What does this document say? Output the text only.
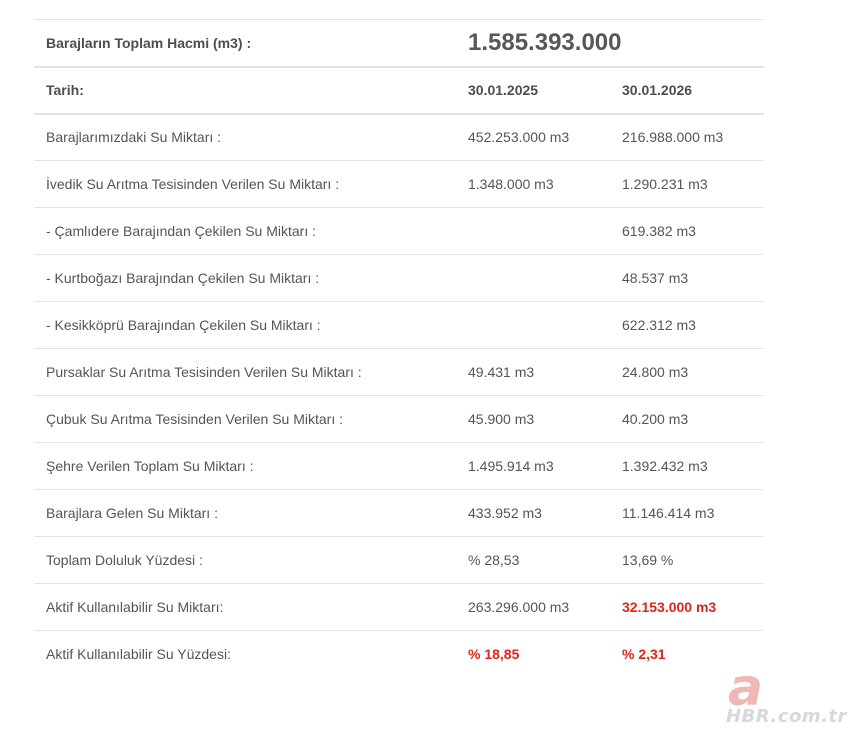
Barajların Toplam Hacmi (m3) :	1.585.393.000	
Tarih:	30.01.2025	30.01.2026
Barajlarımızdaki Su Miktarı :	452.253.000 m3	216.988.000 m3
İvedik Su Arıtma Tesisinden Verilen Su Miktarı :	1.348.000 m3	1.290.231 m3
- Çamlıdere Barajından Çekilen Su Miktarı :		619.382 m3
- Kurtboğazı Barajından Çekilen Su Miktarı :		48.537 m3
- Kesikköprü Barajından Çekilen Su Miktarı :		622.312 m3
Pursaklar Su Arıtma Tesisinden Verilen Su Miktarı :	49.431 m3	24.800 m3
Çubuk Su Arıtma Tesisinden Verilen Su Miktarı :	45.900 m3	40.200 m3
Şehre Verilen Toplam Su Miktarı :	1.495.914 m3	1.392.432 m3
Barajlara Gelen Su Miktarı :	433.952 m3	11.146.414 m3
Toplam Doluluk Yüzdesi :	% 28,53	13,69 %
Aktif Kullanılabilir Su Miktarı:	263.296.000 m3	32.153.000 m3
Aktif Kullanılabilir Su Yüzdesi:	% 18,85	% 2,31
a
HBR.com.tr
